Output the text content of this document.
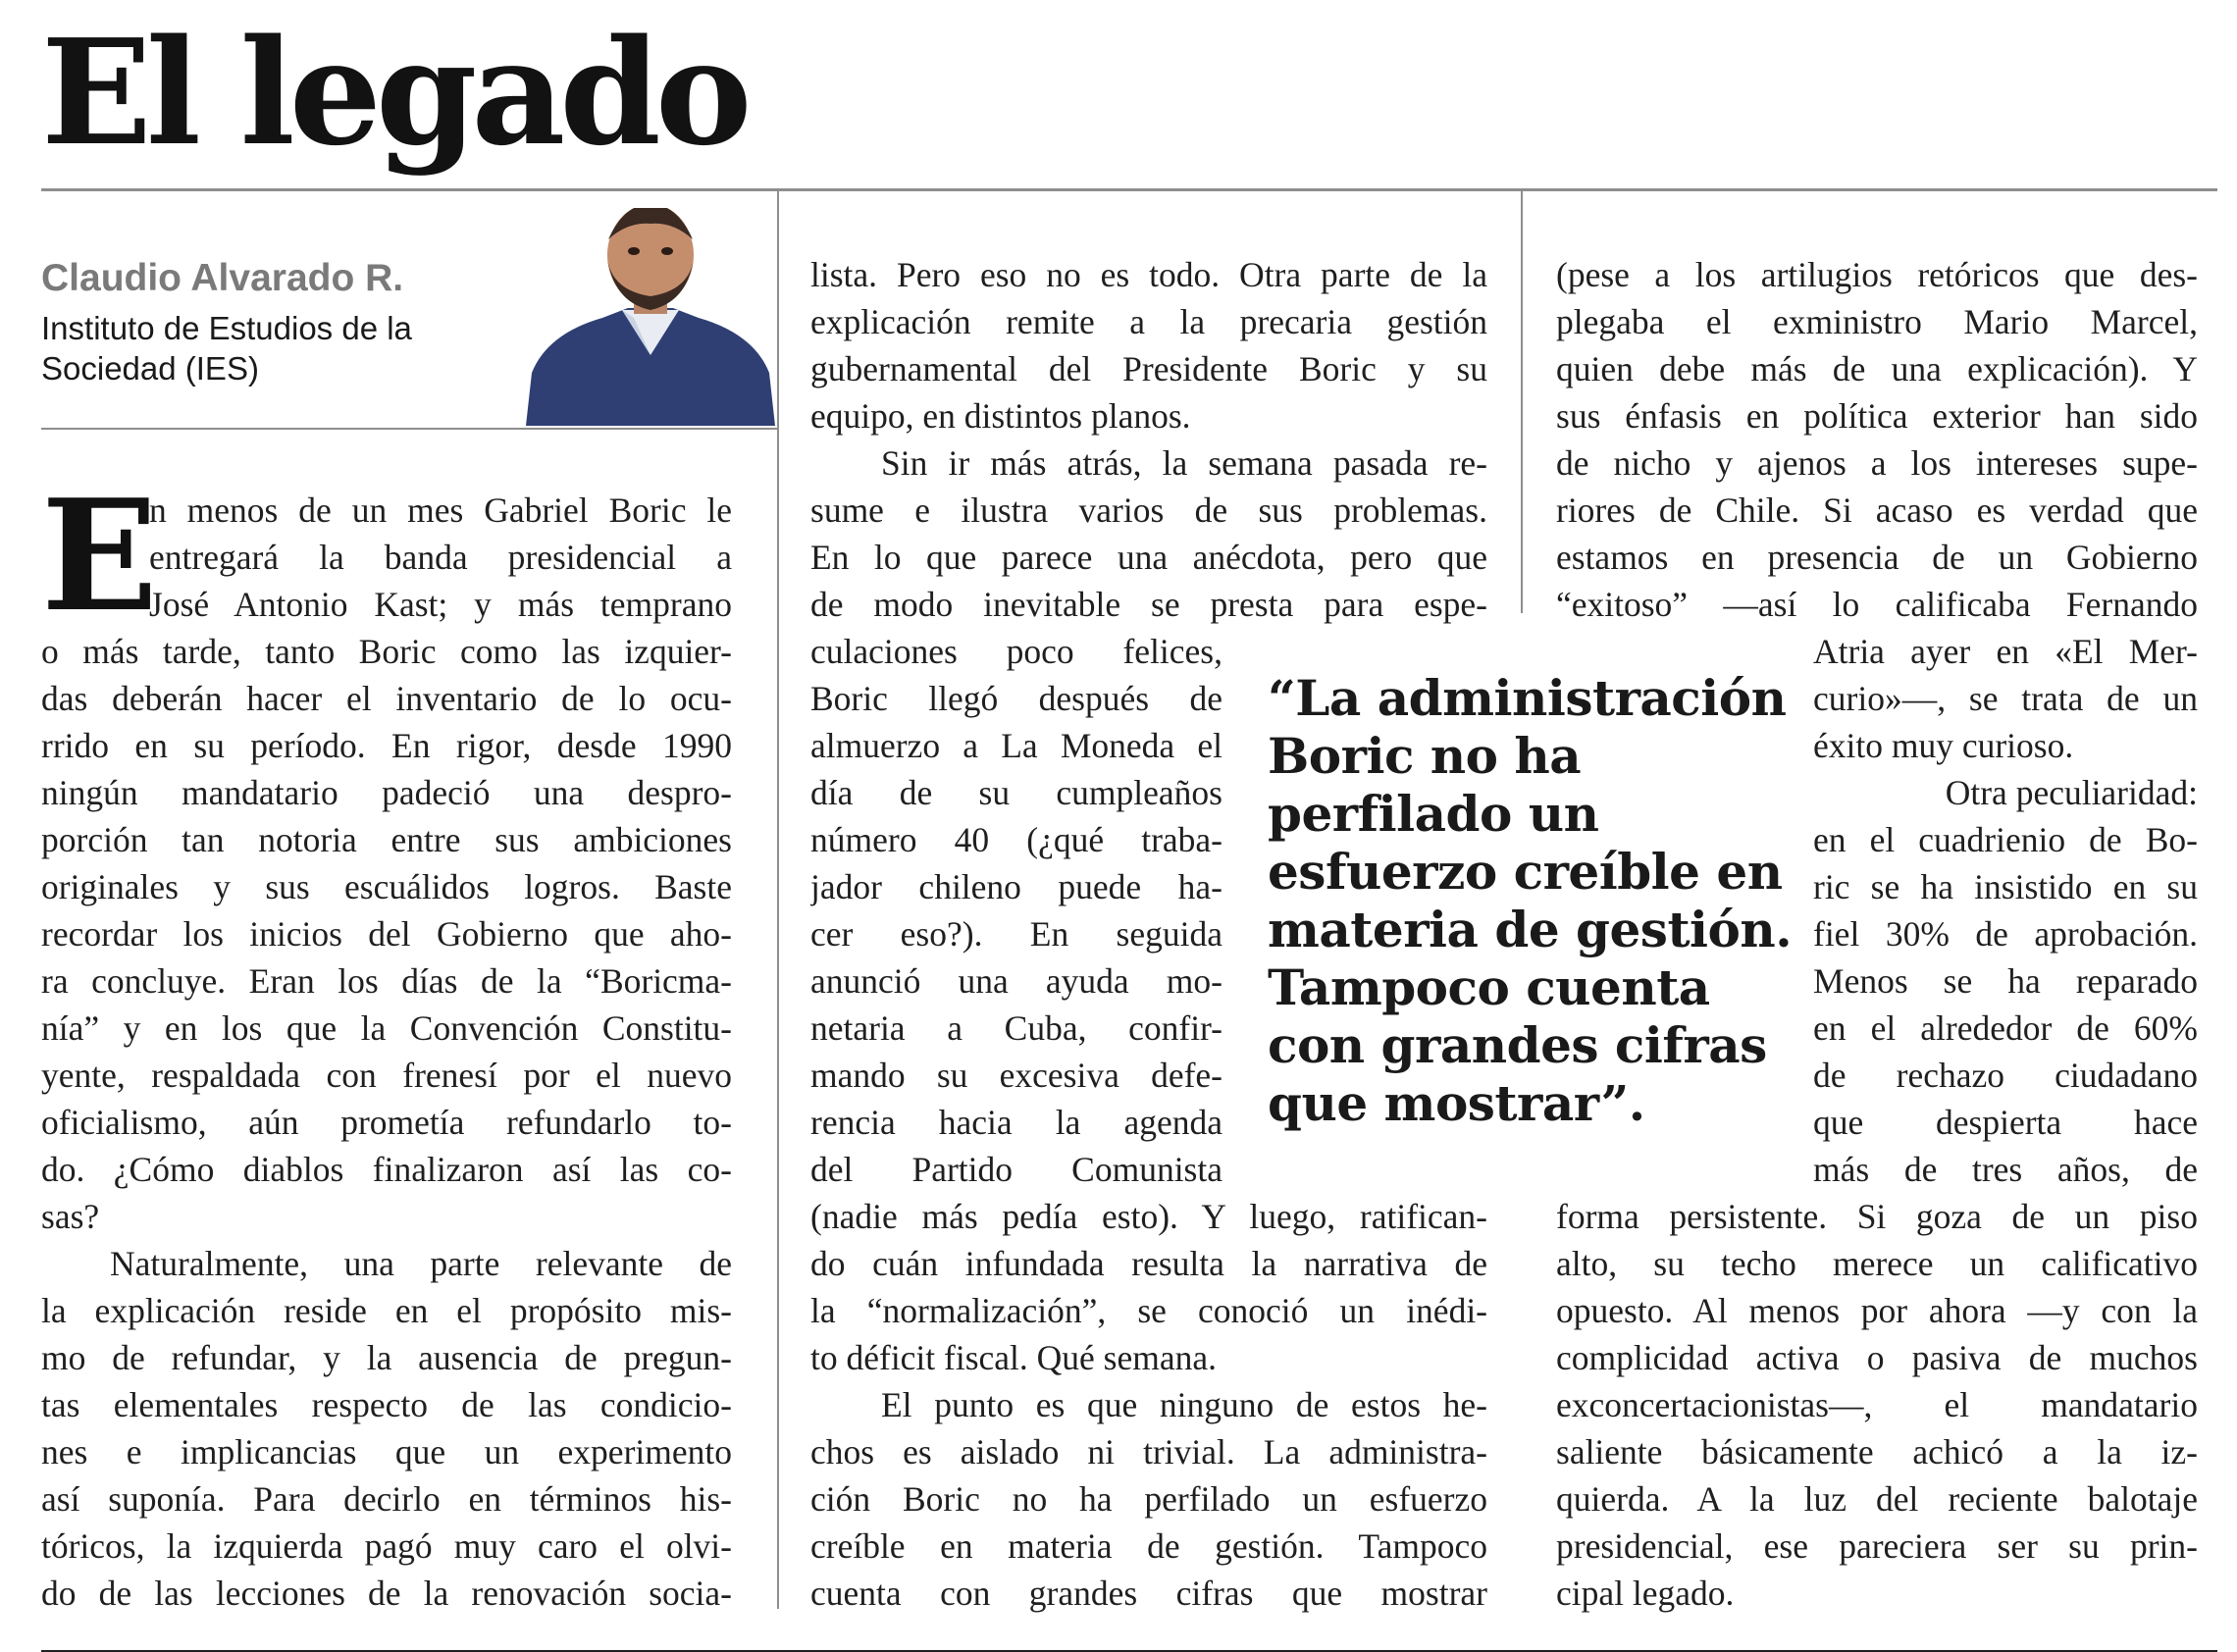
El legado
Claudio Alvarado R.
Instituto de Estudios de la
Sociedad (IES)
E
n menos de un mes Gabriel Boric le
entregará la banda presidencial a
José Antonio Kast; y más temprano
o más tarde, tanto Boric como las izquier-
das deberán hacer el inventario de lo ocu-
rrido en su período. En rigor, desde 1990
ningún mandatario padeció una despro-
porción tan notoria entre sus ambiciones
originales y sus escuálidos logros. Baste
recordar los inicios del Gobierno que aho-
ra concluye. Eran los días de la “Boricma-
nía” y en los que la Convención Constitu-
yente, respaldada con frenesí por el nuevo
oficialismo, aún prometía refundarlo to-
do. ¿Cómo diablos finalizaron así las co-
sas?
Naturalmente, una parte relevante de
la explicación reside en el propósito mis-
mo de refundar, y la ausencia de pregun-
tas elementales respecto de las condicio-
nes e implicancias que un experimento
así suponía. Para decirlo en términos his-
tóricos, la izquierda pagó muy caro el olvi-
do de las lecciones de la renovación socia-
lista. Pero eso no es todo. Otra parte de la
explicación remite a la precaria gestión
gubernamental del Presidente Boric y su
equipo, en distintos planos.
Sin ir más atrás, la semana pasada re-
sume e ilustra varios de sus problemas.
En lo que parece una anécdota, pero que
de modo inevitable se presta para espe-
culaciones poco felices,
Boric llegó después de
almuerzo a La Moneda el
día de su cumpleaños
número 40 (¿qué traba-
jador chileno puede ha-
cer eso?). En seguida
anunció una ayuda mo-
netaria a Cuba, confir-
mando su excesiva defe-
rencia hacia la agenda
del Partido Comunista
(nadie más pedía esto). Y luego, ratifican-
do cuán infundada resulta la narrativa de
la “normalización”, se conoció un inédi-
to déficit fiscal. Qué semana.
El punto es que ninguno de estos he-
chos es aislado ni trivial. La administra-
ción Boric no ha perfilado un esfuerzo
creíble en materia de gestión. Tampoco
cuenta con grandes cifras que mostrar
“La administración
Boric no ha
perfilado un
esfuerzo creíble en
materia de gestión.
Tampoco cuenta
con grandes cifras
que mostrar”.
(pese a los artilugios retóricos que des-
plegaba el exministro Mario Marcel,
quien debe más de una explicación). Y
sus énfasis en política exterior han sido
de nicho y ajenos a los intereses supe-
riores de Chile. Si acaso es verdad que
estamos en presencia de un Gobierno
“exitoso” —así lo calificaba Fernando
Atria ayer en «El Mer-
curio»—, se trata de un
éxito muy curioso.
Otra peculiaridad:
en el cuadrienio de Bo-
ric se ha insistido en su
fiel 30% de aprobación.
Menos se ha reparado
en el alrededor de 60%
de rechazo ciudadano
que despierta hace
más de tres años, de
forma persistente. Si goza de un piso
alto, su techo merece un calificativo
opuesto. Al menos por ahora —y con la
complicidad activa o pasiva de muchos
exconcertacionistas—, el mandatario
saliente básicamente achicó a la iz-
quierda. A la luz del reciente balotaje
presidencial, ese pareciera ser su prin-
cipal legado.
